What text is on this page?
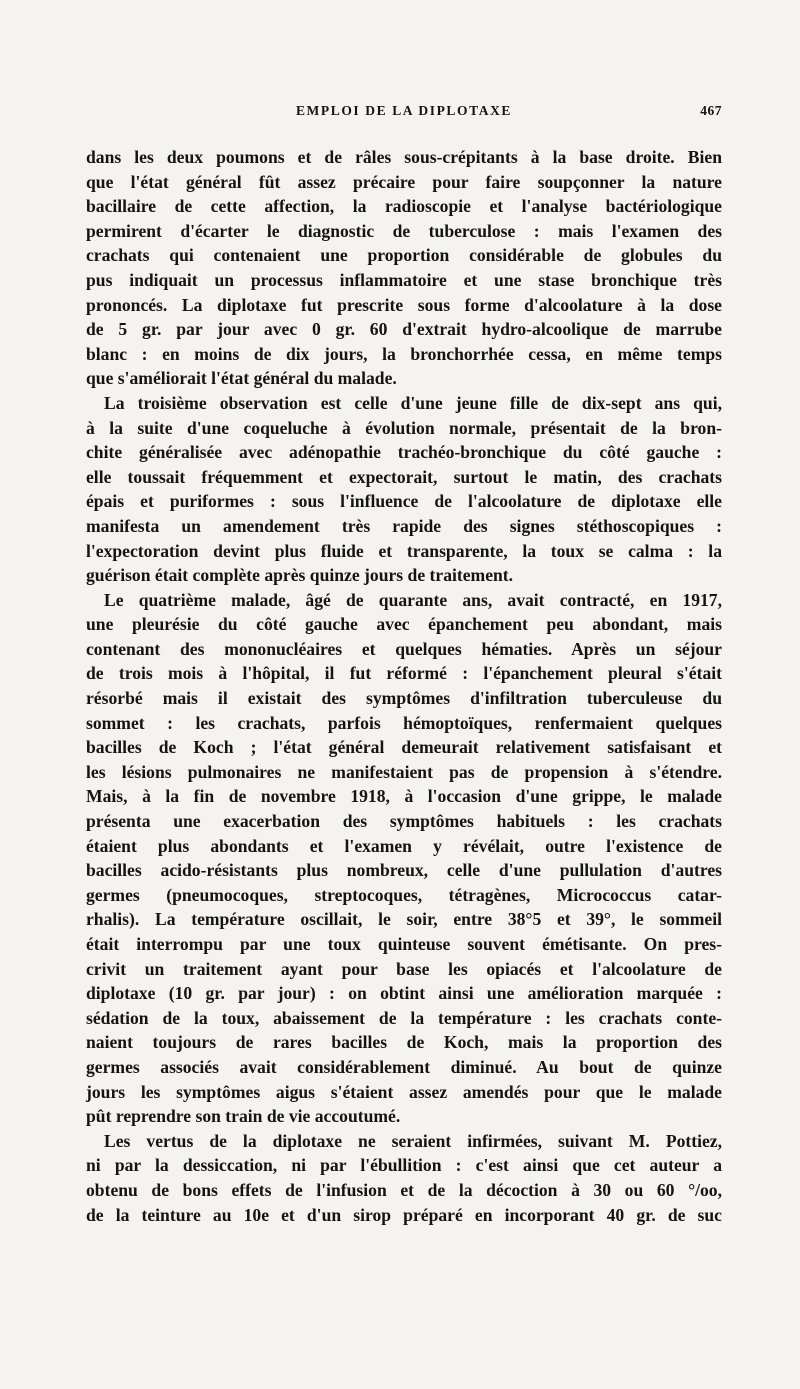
EMPLOI DE LA DIPLOTAXE	467
dans les deux poumons et de râles sous-crépitants à la base droite. Bien
que l'état général fût assez précaire pour faire soupçonner la nature
bacillaire de cette affection, la radioscopie et l'analyse bactériologique
permirent d'écarter le diagnostic de tuberculose : mais l'examen des
crachats qui contenaient une proportion considérable de globules du
pus indiquait un processus inflammatoire et une stase bronchique très
prononcés. La diplotaxe fut prescrite sous forme d'alcoolature à la dose
de 5 gr. par jour avec 0 gr. 60 d'extrait hydro-alcoolique de marrube
blanc : en moins de dix jours, la bronchorrhée cessa, en même temps
que s'améliorait l'état général du malade.
La troisième observation est celle d'une jeune fille de dix-sept ans qui,
à la suite d'une coqueluche à évolution normale, présentait de la bron-
chite généralisée avec adénopathie trachéo-bronchique du côté gauche :
elle toussait fréquemment et expectorait, surtout le matin, des crachats
épais et puriformes : sous l'influence de l'alcoolature de diplotaxe elle
manifesta un amendement très rapide des signes stéthoscopiques :
l'expectoration devint plus fluide et transparente, la toux se calma : la
guérison était complète après quinze jours de traitement.
Le quatrième malade, âgé de quarante ans, avait contracté, en 1917,
une pleurésie du côté gauche avec épanchement peu abondant, mais
contenant des mononucléaires et quelques hématies. Après un séjour
de trois mois à l'hôpital, il fut réformé : l'épanchement pleural s'était
résorbé mais il existait des symptômes d'infiltration tuberculeuse du
sommet : les crachats, parfois hémoptoïques, renfermaient quelques
bacilles de Koch ; l'état général demeurait relativement satisfaisant et
les lésions pulmonaires ne manifestaient pas de propension à s'étendre.
Mais, à la fin de novembre 1918, à l'occasion d'une grippe, le malade
présenta une exacerbation des symptômes habituels : les crachats
étaient plus abondants et l'examen y révélait, outre l'existence de
bacilles acido-résistants plus nombreux, celle d'une pullulation d'autres
germes (pneumocoques, streptocoques, tétragènes, Micrococcus catar-
rhalis). La température oscillait, le soir, entre 38°5 et 39°, le sommeil
était interrompu par une toux quinteuse souvent émétisante. On pres-
crivit un traitement ayant pour base les opiacés et l'alcoolature de
diplotaxe (10 gr. par jour) : on obtint ainsi une amélioration marquée :
sédation de la toux, abaissement de la température : les crachats conte-
naient toujours de rares bacilles de Koch, mais la proportion des
germes associés avait considérablement diminué. Au bout de quinze
jours les symptômes aigus s'étaient assez amendés pour que le malade
pût reprendre son train de vie accoutumé.
Les vertus de la diplotaxe ne seraient infirmées, suivant M. Pottiez,
ni par la dessiccation, ni par l'ébullition : c'est ainsi que cet auteur a
obtenu de bons effets de l'infusion et de la décoction à 30 ou 60 °/oo,
de la teinture au 10e et d'un sirop préparé en incorporant 40 gr. de suc
